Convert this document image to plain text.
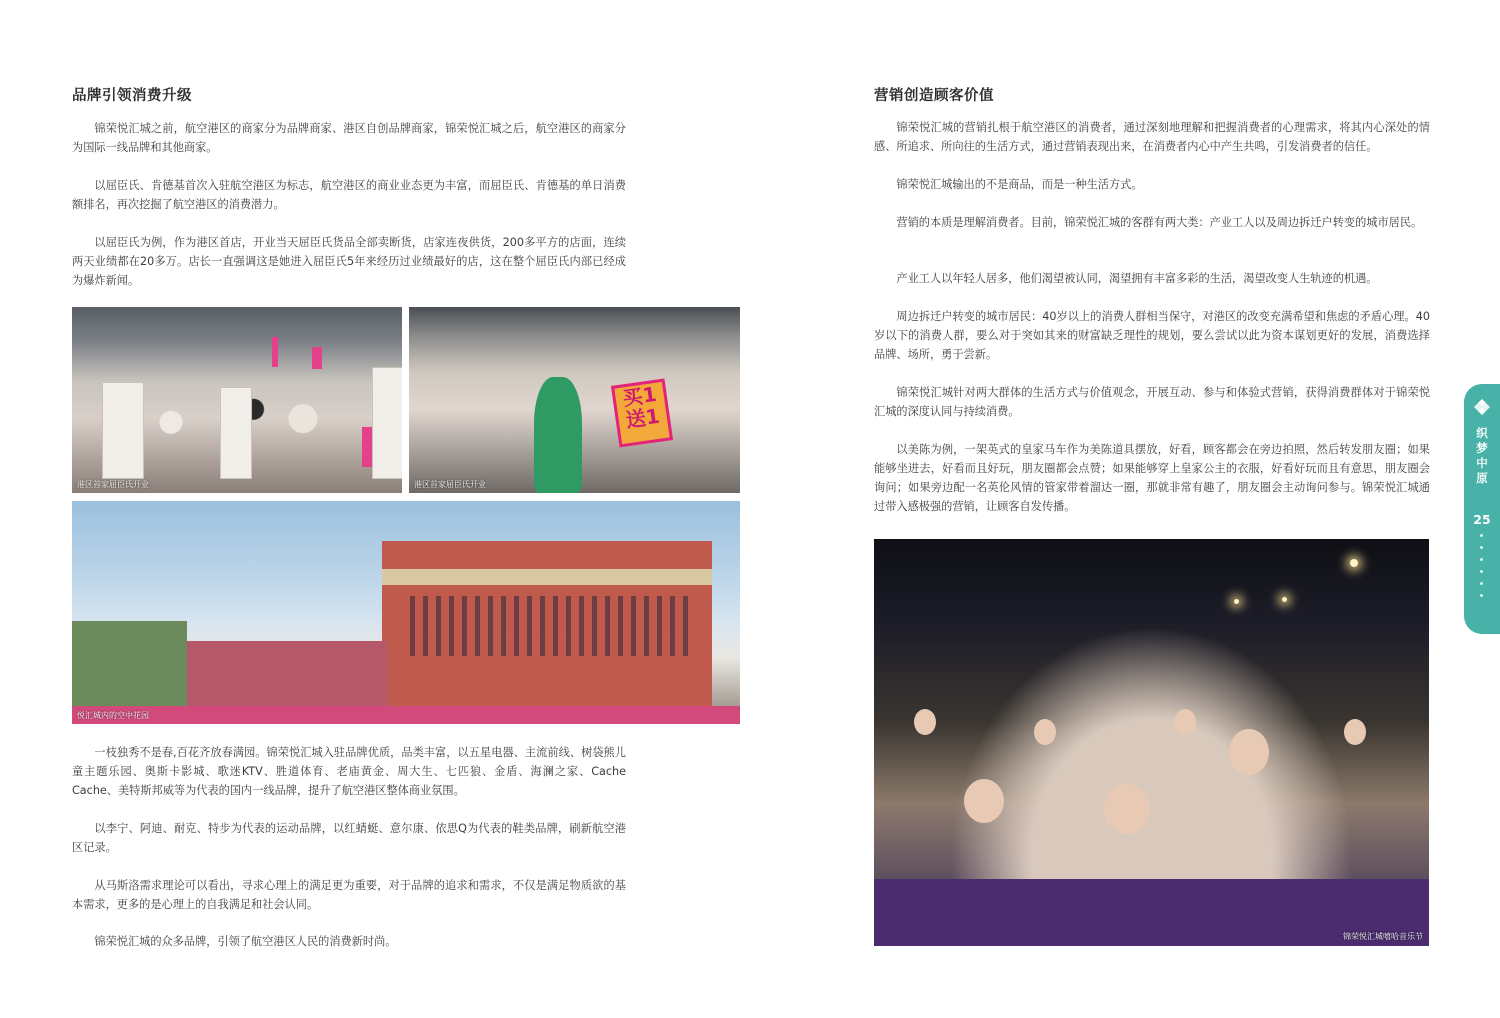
品牌引领消费升级

锦荣悦汇城之前，航空港区的商家分为品牌商家、港区自创品牌商家，锦荣悦汇城之后，航空港区的商家分为国际一线品牌和其他商家。

以屈臣氏、肯德基首次入驻航空港区为标志，航空港区的商业业态更为丰富，而屈臣氏、肯德基的单日消费额排名，再次挖掘了航空港区的消费潜力。

以屈臣氏为例，作为港区首店，开业当天屈臣氏货品全部卖断货，店家连夜供货，200多平方的店面，连续两天业绩都在20多万。店长一直强调这是她进入屈臣氏5年来经历过业绩最好的店，这在整个屈臣氏内部已经成为爆炸新闻。

港区首家屈臣氏开业
买1送1
港区首家屈臣氏开业
悦汇城内的空中花园

一枝独秀不是春,百花齐放春满园。锦荣悦汇城入驻品牌优质，品类丰富，以五星电器、主流前线、树袋熊儿童主题乐园、奥斯卡影城、歌迷KTV、胜道体育、老庙黄金、周大生、七匹狼、金盾、海澜之家、Cache Cache、美特斯邦威等为代表的国内一线品牌，提升了航空港区整体商业氛围。

以李宁、阿迪、耐克、特步为代表的运动品牌，以红蜻蜓、意尔康、依思Q为代表的鞋类品牌，刷新航空港区记录。

从马斯洛需求理论可以看出，寻求心理上的满足更为重要，对于品牌的追求和需求，不仅是满足物质欲的基本需求，更多的是心理上的自我满足和社会认同。

锦荣悦汇城的众多品牌，引领了航空港区人民的消费新时尚。

营销创造顾客价值

锦荣悦汇城的营销扎根于航空港区的消费者，通过深刻地理解和把握消费者的心理需求，将其内心深处的情感、所追求、所向往的生活方式，通过营销表现出来，在消费者内心中产生共鸣，引发消费者的信任。

锦荣悦汇城输出的不是商品，而是一种生活方式。

营销的本质是理解消费者。目前，锦荣悦汇城的客群有两大类：产业工人以及周边拆迁户转变的城市居民。

产业工人以年轻人居多，他们渴望被认同，渴望拥有丰富多彩的生活，渴望改变人生轨迹的机遇。

周边拆迁户转变的城市居民：40岁以上的消费人群相当保守，对港区的改变充满希望和焦虑的矛盾心理。40岁以下的消费人群，要么对于突如其来的财富缺乏理性的规划，要么尝试以此为资本谋划更好的发展，消费选择品牌、场所，勇于尝新。

锦荣悦汇城针对两大群体的生活方式与价值观念，开展互动、参与和体验式营销，获得消费群体对于锦荣悦汇城的深度认同与持续消费。

以美陈为例，一架英式的皇家马车作为美陈道具摆放，好看，顾客都会在旁边拍照，然后转发朋友圈；如果能够坐进去，好看而且好玩，朋友圈都会点赞；如果能够穿上皇家公主的衣服，好看好玩而且有意思，朋友圈会询问；如果旁边配一名英伦风情的管家带着溜达一圈，那就非常有趣了，朋友圈会主动询问参与。锦荣悦汇城通过带入感极强的营销，让顾客自发传播。

锦荣悦汇城嘻哈音乐节
织
梦
中
原
25
